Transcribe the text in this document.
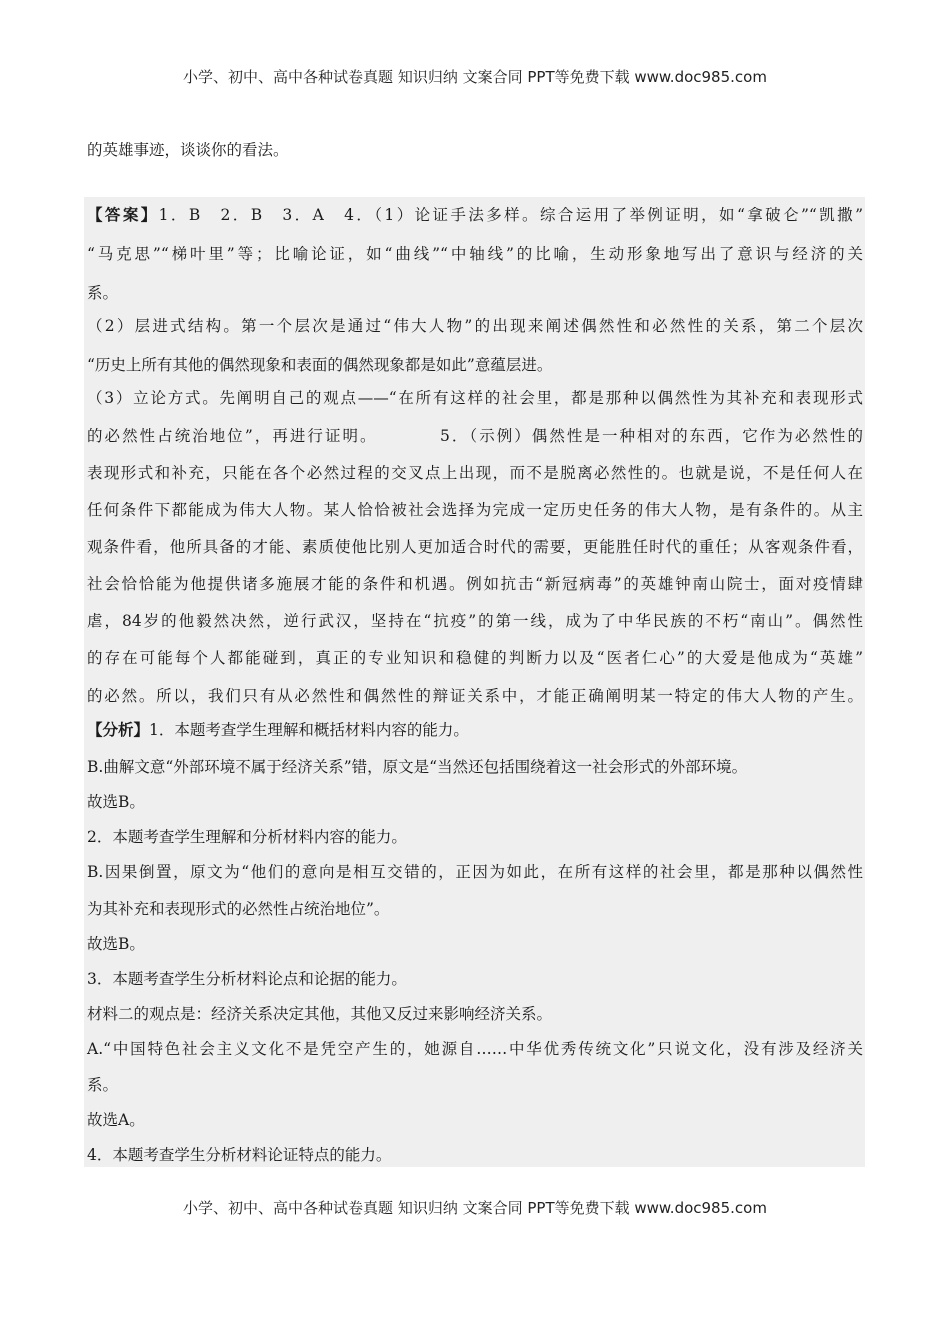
小学、初中、高中各种试卷真题 知识归纳 文案合同 PPT等免费下载 www.doc985.com
的英雄事迹，谈谈你的看法。
【答案】1．B　2．B　3．A　4．（1）论证手法多样。综合运用了举例证明，如“拿破仑”“凯撒”
“马克思”“梯叶里”等；比喻论证，如“曲线”“中轴线”的比喻，生动形象地写出了意识与经济的关
系。
（2）层进式结构。第一个层次是通过“伟大人物”的出现来阐述偶然性和必然性的关系，第二个层次
“历史上所有其他的偶然现象和表面的偶然现象都是如此”意蕴层进。
（3）立论方式。先阐明自己的观点——“在所有这样的社会里，都是那种以偶然性为其补充和表现形式
的必然性占统治地位”，再进行证明。　　　　5．（示例）偶然性是一种相对的东西，它作为必然性的
表现形式和补充，只能在各个必然过程的交叉点上出现，而不是脱离必然性的。也就是说，不是任何人在
任何条件下都能成为伟大人物。某人恰恰被社会选择为完成一定历史任务的伟大人物，是有条件的。从主
观条件看，他所具备的才能、素质使他比别人更加适合时代的需要，更能胜任时代的重任；从客观条件看，
社会恰恰能为他提供诸多施展才能的条件和机遇。例如抗击“新冠病毒”的英雄钟南山院士，面对疫情肆
虐，84岁的他毅然决然，逆行武汉，坚持在“抗疫”的第一线，成为了中华民族的不朽“南山”。偶然性
的存在可能每个人都能碰到，真正的专业知识和稳健的判断力以及“医者仁心”的大爱是他成为“英雄”
的必然。所以，我们只有从必然性和偶然性的辩证关系中，才能正确阐明某一特定的伟大人物的产生。
【分析】1．本题考查学生理解和概括材料内容的能力。
B.曲解文意“外部环境不属于经济关系”错，原文是“当然还包括围绕着这一社会形式的外部环境。
故选B。
2．本题考查学生理解和分析材料内容的能力。
B.因果倒置，原文为“他们的意向是相互交错的，正因为如此，在所有这样的社会里，都是那种以偶然性
为其补充和表现形式的必然性占统治地位”。
故选B。
3．本题考查学生分析材料论点和论据的能力。
材料二的观点是：经济关系决定其他，其他又反过来影响经济关系。
A.“中国特色社会主义文化不是凭空产生的，她源自……中华优秀传统文化”只说文化，没有涉及经济关
系。
故选A。
4．本题考查学生分析材料论证特点的能力。
小学、初中、高中各种试卷真题 知识归纳 文案合同 PPT等免费下载 www.doc985.com
